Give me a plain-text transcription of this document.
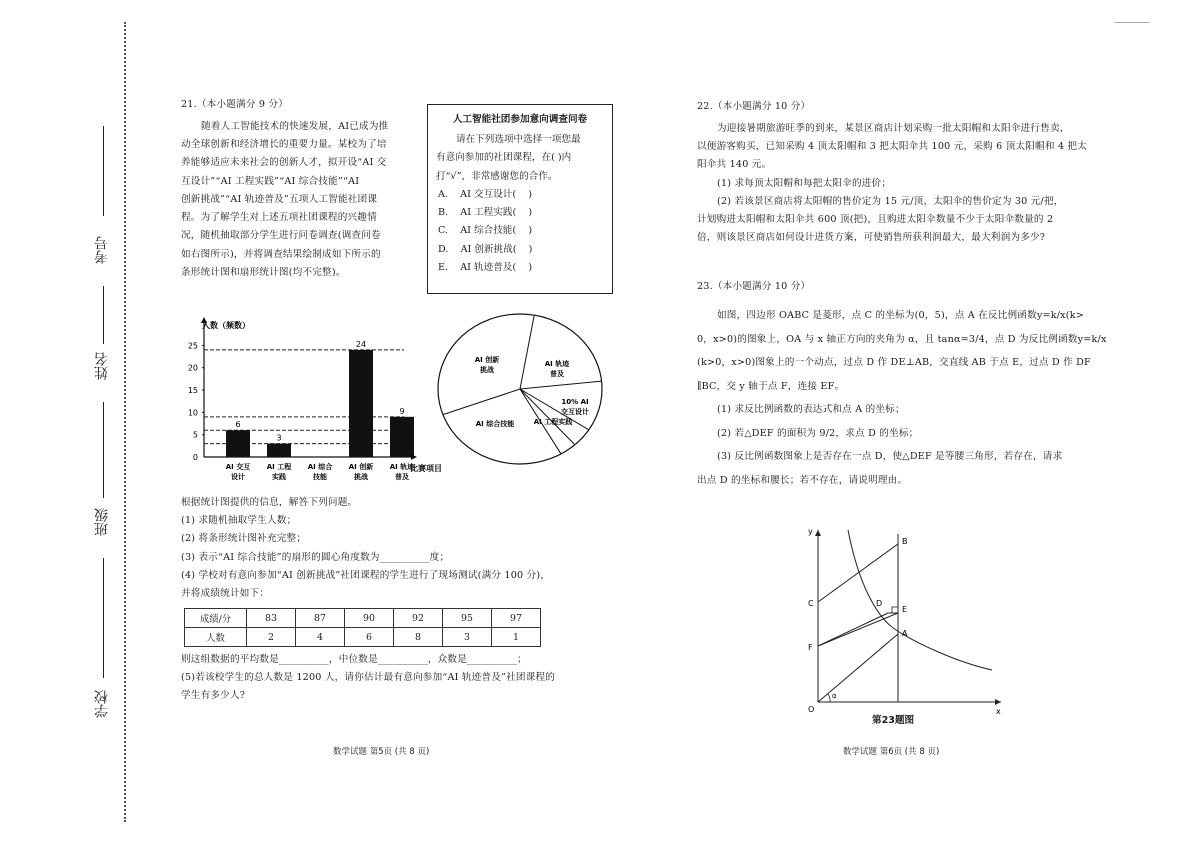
考号
姓名
班级
学校
21.（本小题满分 9 分）
随着人工智能技术的快速发展，AI已成为推
动全球创新和经济增长的重要力量。某校为了培
养能够适应未来社会的创新人才，拟开设“AI 交
互设计”“AI 工程实践”“AI 综合技能”“AI
创新挑战”“AI 轨迹普及”五项人工智能社团课
程。为了解学生对上述五项社团课程的兴趣情
况，随机抽取部分学生进行问卷调查(调查问卷
如右图所示)，并将调查结果绘制成如下所示的
条形统计图和扇形统计图(均不完整)。
人工智能社团参加意向调查问卷
请在下列选项中选择一项您最
有意向参加的社团课程，在( )内
打“√”，非常感谢您的合作。
A.    AI 交互设计(    )
B.    AI 工程实践(    )
C.    AI 综合技能(    )
D.    AI 创新挑战(    )
E.    AI 轨迹普及(    )
人数（频数）
比赛项目
0
5
10
15
20
25
6
AI 交互
设计
3
AI 工程
实践
AI 综合
技能
24
AI 创新
挑战
9
AI 轨迹
普及
AI 创新
挑战
AI 轨迹
普及
10% AI
交互设计
AI 工程实践
AI 综合技能
根据统计图提供的信息，解答下列问题。
(1) 求随机抽取学生人数；
(2) 将条形统计图补充完整；
(3) 表示“AI 综合技能”的扇形的圆心角度数为__________度；
(4) 学校对有意向参加“AI 创新挑战”社团课程的学生进行了现场测试(满分 100 分)，
并将成绩统计如下：
成绩/分	83	87	90	92	95	97
人数	2	4	6	8	3	1
则这组数据的平均数是__________，中位数是__________，众数是__________；
(5)若该校学生的总人数是 1200 人，请你估计最有意向参加“AI 轨迹普及”社团课程的
学生有多少人?
数学试题 第5页 (共 8 页)
22.（本小题满分 10 分）
为迎接暑期旅游旺季的到来，某景区商店计划采购一批太阳帽和太阳伞进行售卖，
以便游客购买，已知采购 4 顶太阳帽和 3 把太阳伞共 100 元，采购 6 顶太阳帽和 4 把太
阳伞共 140 元。
(1) 求每顶太阳帽和每把太阳伞的进价；
(2) 若该景区商店将太阳帽的售价定为 15 元/顶，太阳伞的售价定为 30 元/把，
计划购进太阳帽和太阳伞共 600 顶(把)，且购进太阳伞数量不少于太阳伞数量的 2
倍，则该景区商店如何设计进货方案，可使销售所获利润最大，最大利润为多少?
23.（本小题满分 10 分）
如图，四边形 OABC 是菱形，点 C 的坐标为(0，5)，点 A 在反比例函数y=k/x(k>
0，x>0)的图象上，OA 与 x 轴正方向的夹角为 α，且 tanα=3/4，点 D 为反比例函数y=k/x
(k>0，x>0)图象上的一个动点，过点 D 作 DE⊥AB，交直线 AB 于点 E，过点 D 作 DF
∥BC，交 y 轴于点 F，连接 EF。
(1) 求反比例函数的表达式和点 A 的坐标；
(2) 若△DEF 的面积为 9/2，求点 D 的坐标；
(3) 反比例函数图象上是否存在一点 D，使△DEF 是等腰三角形，若存在，请求
出点 D 的坐标和腰长；若不存在，请说明理由。
y
x
O
A
B
C	D
E
F
α
第23题图
数学试题 第6页 (共 8 页)
